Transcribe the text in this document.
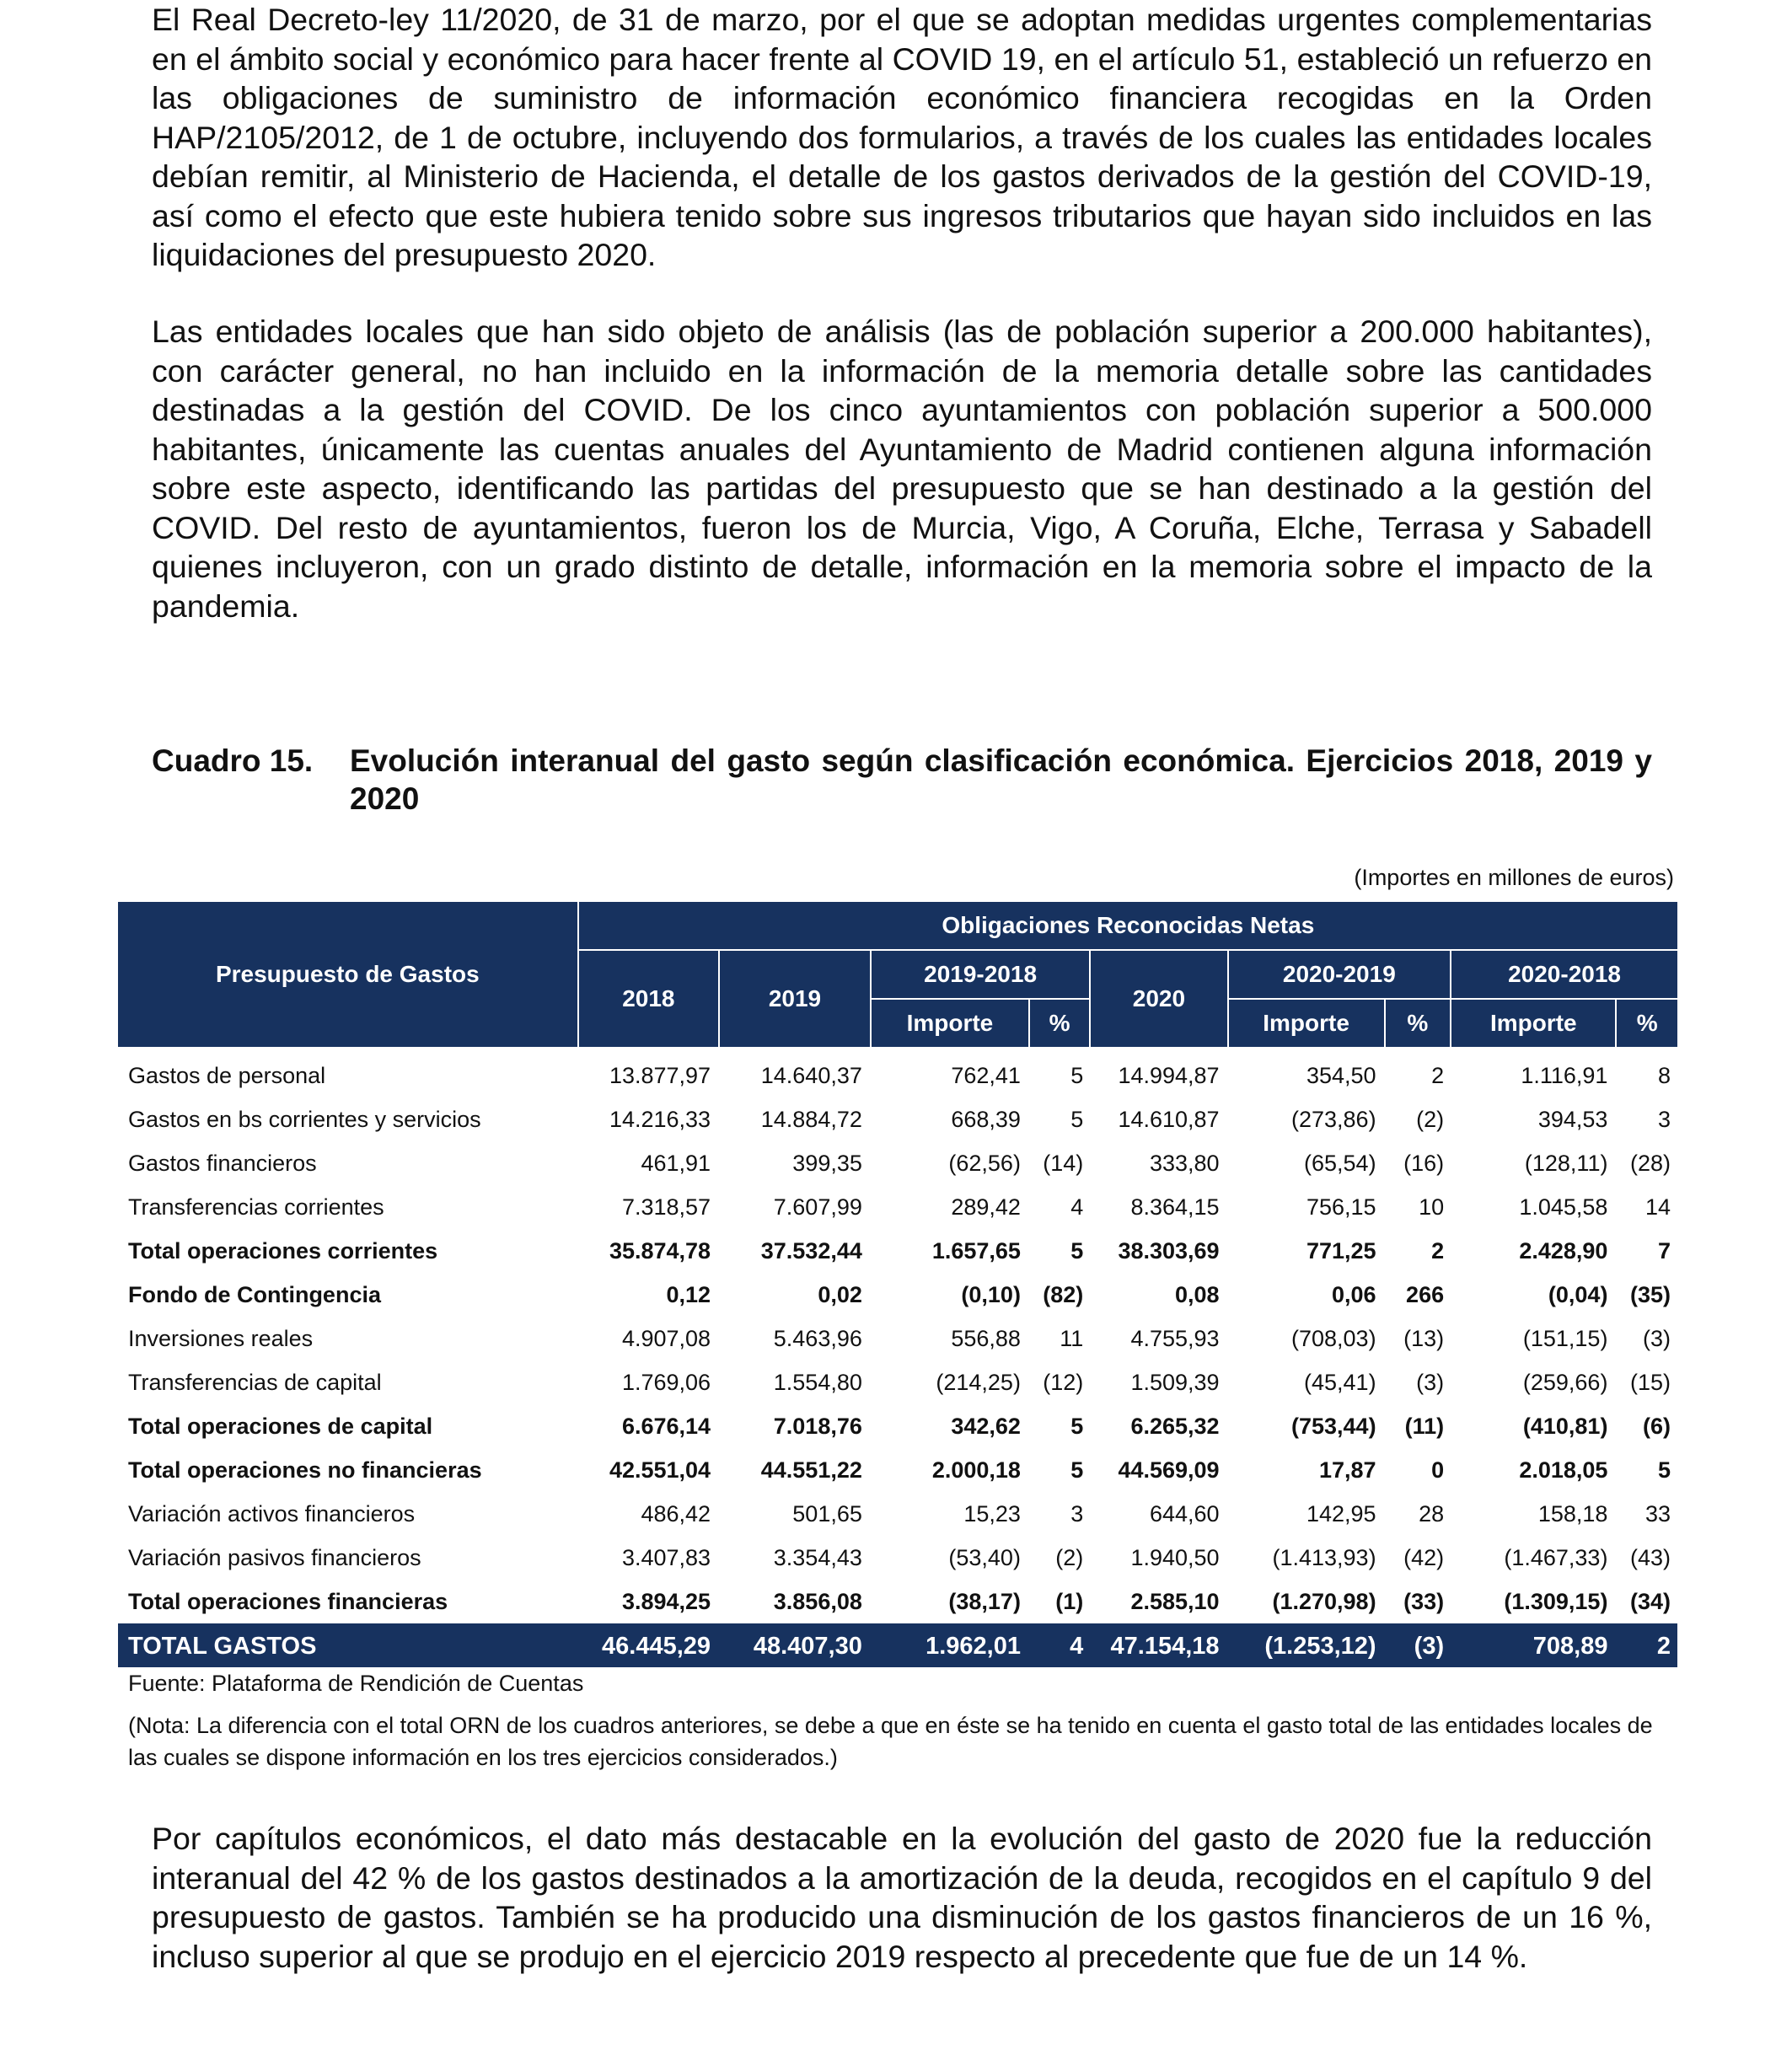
El Real Decreto-ley 11/2020, de 31 de marzo, por el que se adoptan medidas urgentes complementarias en el ámbito social y económico para hacer frente al COVID 19, en el artículo 51, estableció un refuerzo en las obligaciones de suministro de información económico financiera recogidas en la Orden HAP/2105/2012, de 1 de octubre, incluyendo dos formularios, a través de los cuales las entidades locales debían remitir, al Ministerio de Hacienda, el detalle de los gastos derivados de la gestión del COVID-19, así como el efecto que este hubiera tenido sobre sus ingresos tributarios que hayan sido incluidos en las liquidaciones del presupuesto 2020.

Las entidades locales que han sido objeto de análisis (las de población superior a 200.000 habitantes), con carácter general, no han incluido en la información de la memoria detalle sobre las cantidades destinadas a la gestión del COVID. De los cinco ayuntamientos con población superior a 500.000 habitantes, únicamente las cuentas anuales del Ayuntamiento de Madrid contienen alguna información sobre este aspecto, identificando las partidas del presupuesto que se han destinado a la gestión del COVID. Del resto de ayuntamientos, fueron los de Murcia, Vigo, A Coruña, Elche, Terrasa y Sabadell quienes incluyeron, con un grado distinto de detalle, información en la memoria sobre el impacto de la pandemia.

Cuadro 15.	Evolución interanual del gasto según clasificación económica. Ejercicios 2018, 2019 y 2020
(Importes en millones de euros)
Presupuesto de Gastos	Obligaciones Reconocidas Netas								
	2018	2019	2019-2018		2020	2020-2019		2020-2018	
			Importe	%		Importe	%	Importe	%
Gastos de personal	13.877,97	14.640,37	762,41	5	14.994,87	354,50	2	1.116,91	8
Gastos en bs corrientes y servicios	14.216,33	14.884,72	668,39	5	14.610,87	(273,86)	(2)	394,53	3
Gastos financieros	461,91	399,35	(62,56)	(14)	333,80	(65,54)	(16)	(128,11)	(28)
Transferencias corrientes	7.318,57	7.607,99	289,42	4	8.364,15	756,15	10	1.045,58	14
Total operaciones corrientes	35.874,78	37.532,44	1.657,65	5	38.303,69	771,25	2	2.428,90	7
Fondo de Contingencia	0,12	0,02	(0,10)	(82)	0,08	0,06	266	(0,04)	(35)
Inversiones reales	4.907,08	5.463,96	556,88	11	4.755,93	(708,03)	(13)	(151,15)	(3)
Transferencias de capital	1.769,06	1.554,80	(214,25)	(12)	1.509,39	(45,41)	(3)	(259,66)	(15)
Total operaciones de capital	6.676,14	7.018,76	342,62	5	6.265,32	(753,44)	(11)	(410,81)	(6)
Total operaciones no financieras	42.551,04	44.551,22	2.000,18	5	44.569,09	17,87	0	2.018,05	5
Variación activos financieros	486,42	501,65	15,23	3	644,60	142,95	28	158,18	33
Variación pasivos financieros	3.407,83	3.354,43	(53,40)	(2)	1.940,50	(1.413,93)	(42)	(1.467,33)	(43)
Total operaciones financieras	3.894,25	3.856,08	(38,17)	(1)	2.585,10	(1.270,98)	(33)	(1.309,15)	(34)
TOTAL GASTOS	46.445,29	48.407,30	1.962,01	4	47.154,18	(1.253,12)	(3)	708,89	2
Fuente: Plataforma de Rendición de Cuentas
(Nota: La diferencia con el total ORN de los cuadros anteriores, se debe a que en éste se ha tenido en cuenta el gasto total de las entidades locales de las cuales se dispone información en los tres ejercicios considerados.)

Por capítulos económicos, el dato más destacable en la evolución del gasto de 2020 fue la reducción interanual del 42 % de los gastos destinados a la amortización de la deuda, recogidos en el capítulo 9 del presupuesto de gastos. También se ha producido una disminución de los gastos financieros de un 16 %, incluso superior al que se produjo en el ejercicio 2019 respecto al precedente que fue de un 14 %.
